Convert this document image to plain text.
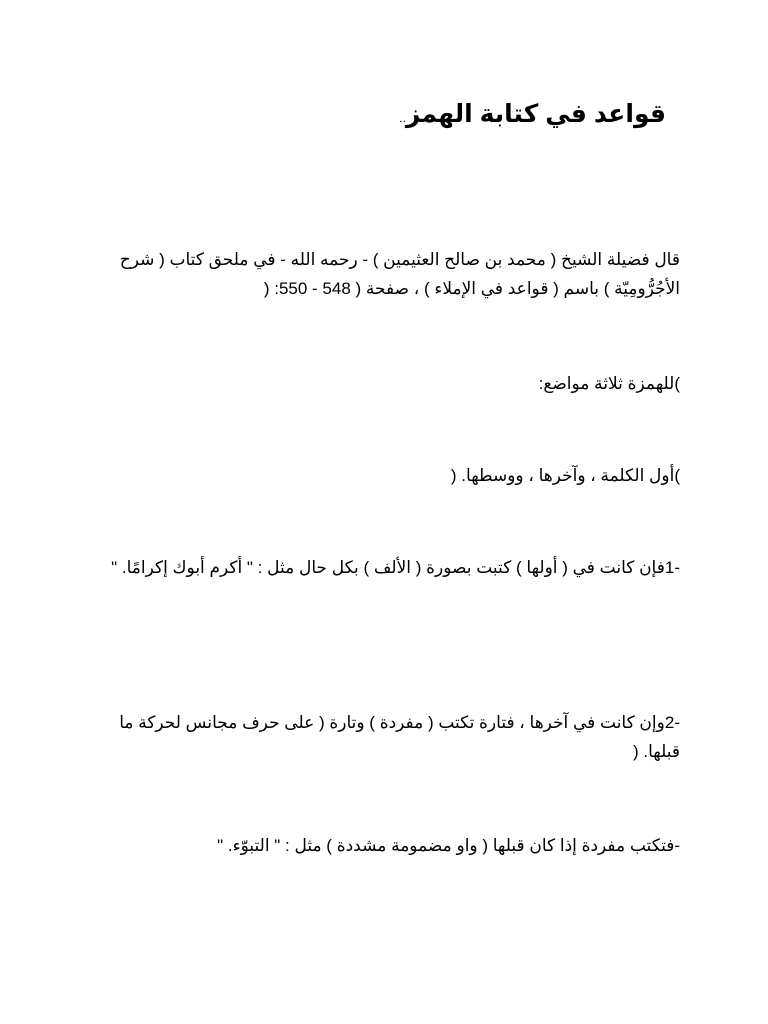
قواعد في كتابة الهمز..
قال فضيلة الشيخ ( محمد بن صالح العثيمين ) - رحمه الله - في ملحق كتاب ( شرح الأجُرُّومِيّة ) باسم ( قواعد في الإملاء ) ، صفحة ( 548 - 550: (
)للهمزة ثلاثة مواضع:
)أول الكلمة ، وآخرها ، ووسطها. (
-1فإن كانت في ( أولها ) كتبت بصورة ( الألف ) بكل حال مثل : " أكرم أبوك إكرامًا. "
-2وإن كانت في آخرها ، فتارة تكتب ( مفردة ) وتارة ( على حرف مجانس لحركة ما قبلها. (
-فتكتب مفردة إذا كان قبلها ( واو مضمومة مشددة ) مثل : " التبوّء. "
